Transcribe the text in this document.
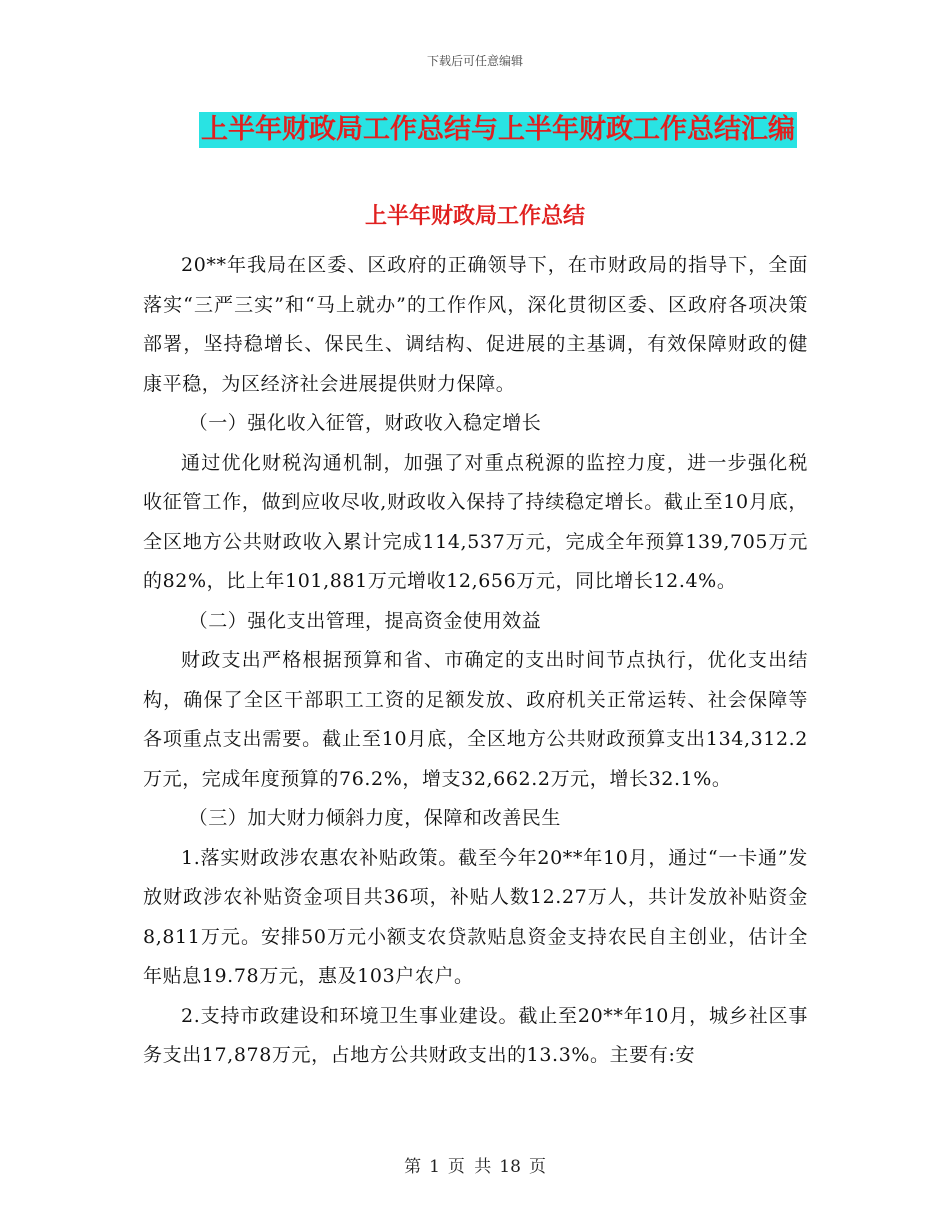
下载后可任意编辑
上半年财政局工作总结与上半年财政工作总结汇编
上半年财政局工作总结

20**年我局在区委、区政府的正确领导下，在市财政局的指导下，全面落实“三严三实”和“马上就办”的工作作风，深化贯彻区委、区政府各项决策部署，坚持稳增长、保民生、调结构、促进展的主基调，有效保障财政的健康平稳，为区经济社会进展提供财力保障。

（一）强化收入征管，财政收入稳定增长

通过优化财税沟通机制，加强了对重点税源的监控力度，进一步强化税收征管工作，做到应收尽收,财政收入保持了持续稳定增长。截止至10月底，全区地方公共财政收入累计完成114,537万元，完成全年预算139,705万元的82%，比上年101,881万元增收12,656万元，同比增长12.4%。

（二）强化支出管理，提高资金使用效益

财政支出严格根据预算和省、市确定的支出时间节点执行，优化支出结构，确保了全区干部职工工资的足额发放、政府机关正常运转、社会保障等各项重点支出需要。截止至10月底，全区地方公共财政预算支出134,312.2万元，完成年度预算的76.2%，增支32,662.2万元，增长32.1%。

（三）加大财力倾斜力度，保障和改善民生

1.落实财政涉农惠农补贴政策。截至今年20**年10月，通过“一卡通”发放财政涉农补贴资金项目共36项，补贴人数12.27万人，共计发放补贴资金8,811万元。安排50万元小额支农贷款贴息资金支持农民自主创业，估计全年贴息19.78万元，惠及103户农户。

2.支持市政建设和环境卫生事业建设。截止至20**年10月，城乡社区事务支出17,878万元，占地方公共财政支出的13.3%。主要有:安

第 1 页 共 18 页
